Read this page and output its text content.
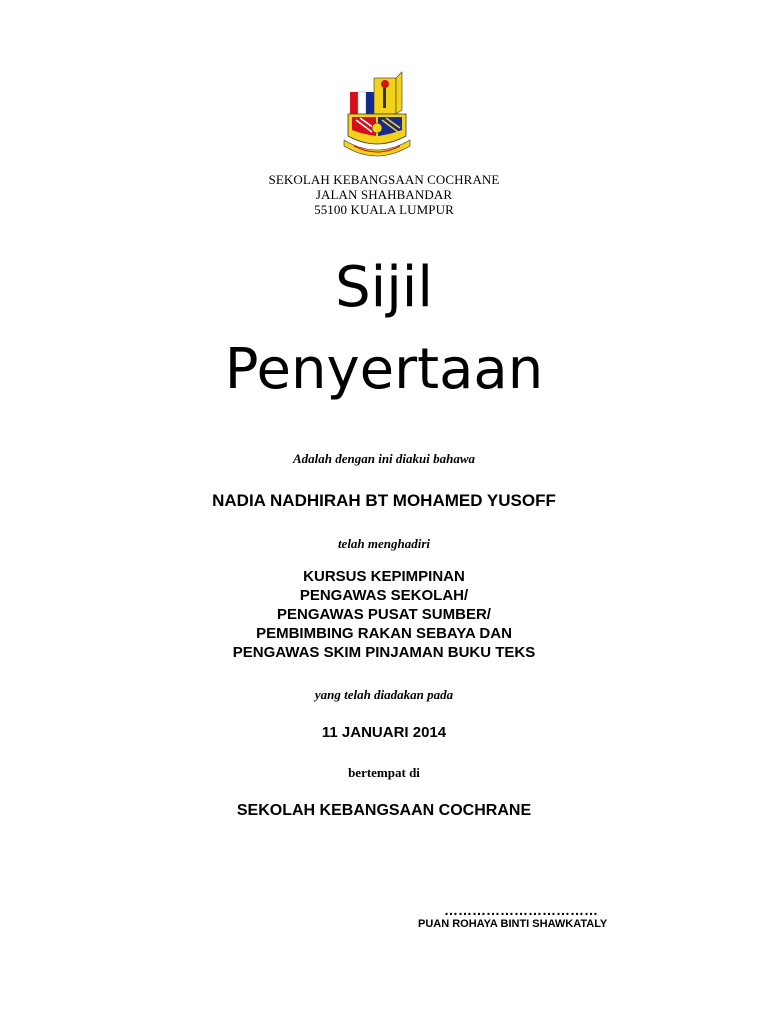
SEKOLAH KEBANGSAAN COCHRANE
JALAN SHAHBANDAR
55100 KUALA LUMPUR
Sijil
Penyertaan
Adalah dengan ini diakui bahawa
NADIA NADHIRAH BT MOHAMED YUSOFF
telah menghadiri
KURSUS KEPIMPINAN
PENGAWAS SEKOLAH/
PENGAWAS PUSAT SUMBER/
PEMBIMBING RAKAN SEBAYA DAN
PENGAWAS SKIM PINJAMAN BUKU TEKS
yang telah diadakan pada
11 JANUARI 2014
bertempat di
SEKOLAH KEBANGSAAN COCHRANE
……………………………
PUAN ROHAYA BINTI SHAWKATALY
